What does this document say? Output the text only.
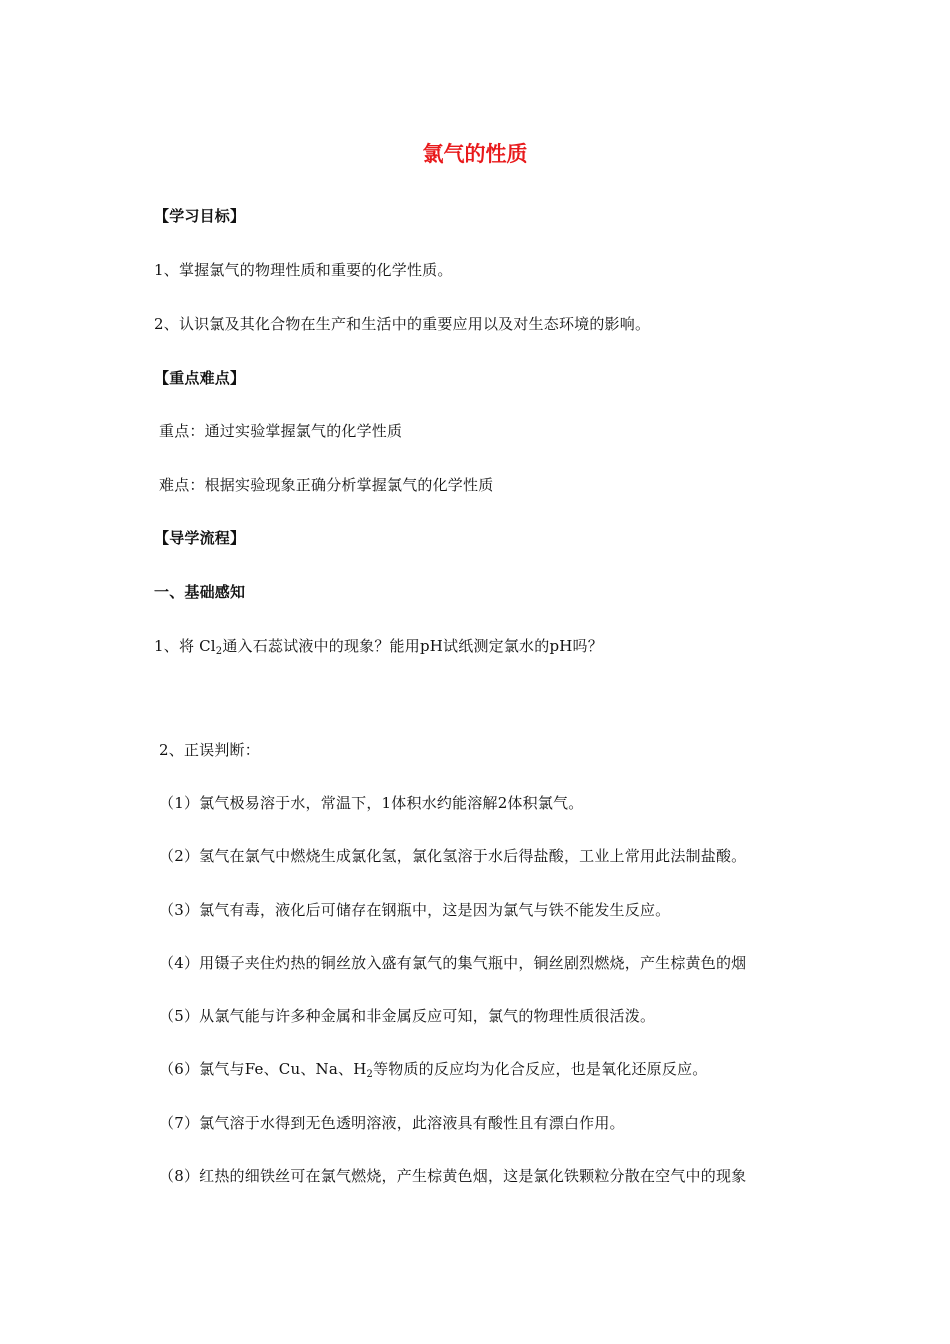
氯气的性质
【学习目标】
1、掌握氯气的物理性质和重要的化学性质。
2、认识氯及其化合物在生产和生活中的重要应用以及对生态环境的影响。
【重点难点】
重点：通过实验掌握氯气的化学性质
难点：根据实验现象正确分析掌握氯气的化学性质
【导学流程】
一、基础感知
1、将 $Cl_2$通入石蕊试液中的现象？能用pH试纸测定氯水的pH吗？
2、正误判断：
（1）氯气极易溶于水，常温下，1体积水约能溶解2体积氯气。
（2）氢气在氯气中燃烧生成氯化氢，氯化氢溶于水后得盐酸，工业上常用此法制盐酸。
（3）氯气有毒，液化后可储存在钢瓶中，这是因为氯气与铁不能发生反应。
（4）用镊子夹住灼热的铜丝放入盛有氯气的集气瓶中，铜丝剧烈燃烧，产生棕黄色的烟
（5）从氯气能与许多种金属和非金属反应可知，氯气的物理性质很活泼。
（6）氯气与Fe、Cu、Na、$H_2$等物质的反应均为化合反应，也是氧化还原反应。
（7）氯气溶于水得到无色透明溶液，此溶液具有酸性且有漂白作用。
（8）红热的细铁丝可在氯气燃烧，产生棕黄色烟，这是氯化铁颗粒分散在空气中的现象
